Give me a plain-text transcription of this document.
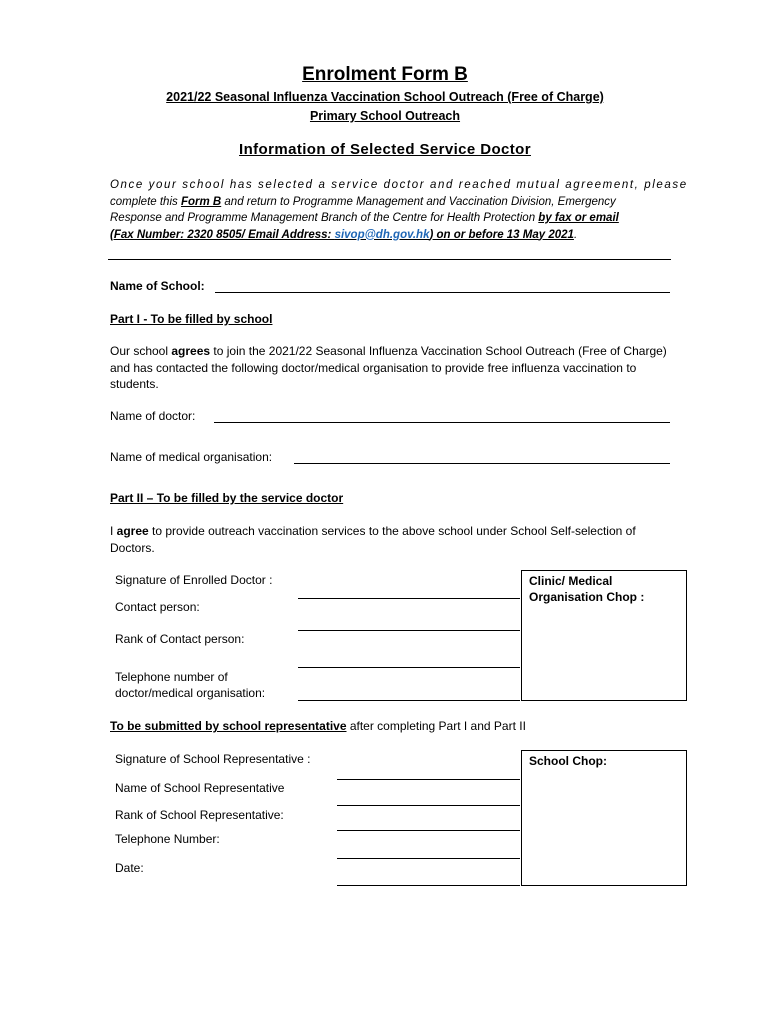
Enrolment Form B
2021/22 Seasonal Influenza Vaccination School Outreach (Free of Charge)
Primary School Outreach
Information of Selected Service Doctor
Once your school has selected a service doctor and reached mutual agreement, please
complete this Form B and return to Programme Management and Vaccination Division, Emergency
Response and Programme Management Branch of the Centre for Health Protection by fax or email
(Fax Number: 2320 8505/ Email Address: sivop@dh.gov.hk) on or before 13 May 2021.
Name of School:
Part I - To be filled by school
Our school agrees to join the 2021/22 Seasonal Influenza Vaccination School Outreach (Free of Charge) and has contacted the following doctor/medical organisation to provide free influenza vaccination to students.
Name of doctor:
Name of medical organisation:
Part II – To be filled by the service doctor
I agree to provide outreach vaccination services to the above school under School Self-selection of Doctors.
Signature of Enrolled Doctor :
Contact person:
Rank of Contact person:
Telephone number of
doctor/medical organisation:
Clinic/ Medical
Organisation Chop :
To be submitted by school representative after completing Part I and Part II
Signature of School Representative :
Name of School Representative
Rank of School Representative:
Telephone Number:
Date:
School Chop:
